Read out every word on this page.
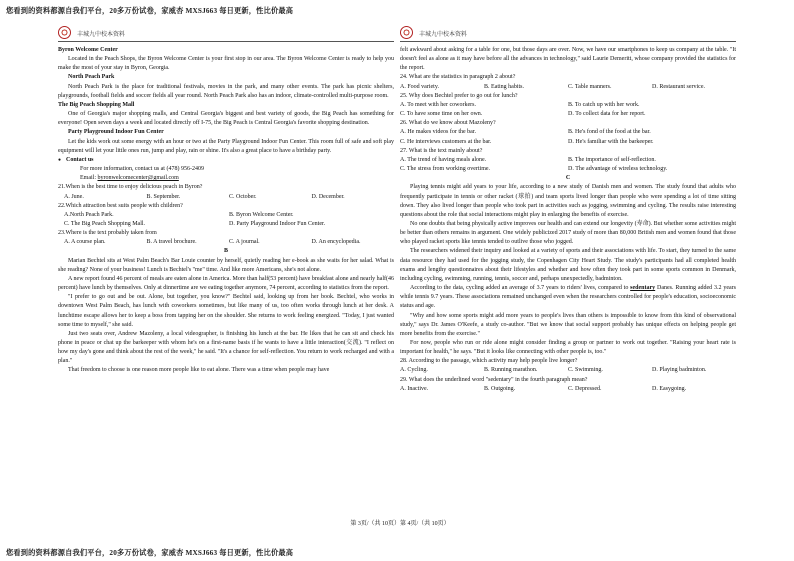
您看到的资料都源自我们平台，20多万份试卷，家威杏 MXSJ663 每日更新，性比价最高
丰城九中校本资料	丰城九中校本资料

Byron Welcome Center

Located in the Peach Shops, the Byron Welcome Center is your first stop in our area. The Byron Welcome Center is ready to help you make the most of your stay in Byron, Georgia.

North Peach Park

North Peach Park is the place for traditional festivals, movies in the park, and many other events. The park has picnic shelters, playgrounds, football fields and soccer fields all year round. North Peach Park also has an indoor, climate-controlled multi-purpose room.

The Big Peach Shopping Mall

One of Georgia's major shopping malls, and Central Georgia's biggest and best variety of goods, the Big Peach has something for everyone! Open seven days a week and located directly off I-75, the Big Peach is Central Georgia's favorite shopping destination.

Party Playground Indoor Fun Center

Let the kids work out some energy with an hour or two at the Party Playground Indoor Fun Center. This room full of safe and soft play equipment will let your little ones run, jump and play, rain or shine. It's also a great place to have a birthday party.

● Contact us

For more information, contact us at (478) 956-2409

Email: byronwelcomecenter@gmail.com

21.When is the best time to enjoy delicious peach in Byron?

A. June.	B. September.	C. October.	D. December.

22.Which attraction best suits people with children?

A.North Peach Park.	B. Byron Welcome Center.
C. The Big Peach Shopping Mall.	D. Party Playground Indoor Fun Center.

23.Where is the text probably taken from

A. A course plan.	B. A travel brochure.	C. A journal.	D. An encyclopedia.

B

Marian Bechtel sits at West Palm Beach's Bar Louie counter by herself, quietly reading her e-book as she waits for her salad. What is she reading? None of your business! Lunch is Bechtel's "me" time. And like more Americans, she's not alone.

A new report found 46 percent of meals are eaten alone in America. More than half(53 percent) have breakfast alone and nearly half(46 percent) have lunch by themselves. Only at dinnertime are we eating together anymore, 74 percent, according to statistics from the report.

"I prefer to go out and be out. Alone, but together, you know?" Bechtel said, looking up from her book. Bechtel, who works in downtown West Palm Beach, has lunch with coworkers sometimes, but like many of us, too often works through lunch at her desk. A lunchtime escape allows her to keep a boss from tapping her on the shoulder. She returns to work feeling energized. "Today, I just wanted some time to myself," she said.

Just two seats over, Andrew Mazoleny, a local videographer, is finishing his lunch at the bar. He likes that he can sit and check his phone in peace or chat up the barkeeper with whom he's on a first-name basis if he wants to have a little interaction(交流). "I reflect on how my day's gone and think about the rest of the week," he said. "It's a chance for self-reflection. You return to work recharged and with a plan."

That freedom to choose is one reason more people like to eat alone. There was a time when people may have

felt awkward about asking for a table for one, but those days are over. Now, we have our smartphones to keep us company at the table. "It doesn't feel as alone as it may have before all the advances in technology," said Laurie Demeritt, whose company provided the statistics for the report.

24. What are the statistics in paragraph 2 about?

A. Food variety.	B. Eating habits.	C. Table manners.	D. Restaurant service.

25. Why does Bechtel prefer to go out for lunch?

A. To meet with her coworkers.	B. To catch up with her work.
C. To have some time on her own.	D. To collect data for her report.

26. What do we know about Mazoleny?

A. He makes videos for the bar.	B. He's fond of the food at the bar.
C. He interviews customers at the bar.	D. He's familiar with the barkeeper.

27. What is the text mainly about?

A. The trend of having meals alone.	B. The importance of self-reflection.
C. The stress from working overtime.	D. The advantage of wireless technology.

C

Playing tennis might add years to your life, according to a new study of Danish men and women. The study found that adults who frequently participate in tennis or other racket (球拍) and team sports lived longer than people who were spending a lot of time sitting down. They also lived longer than people who took part in activities such as jogging, swimming and cycling. The results raise interesting questions about the role that social interactions might play in enlarging the benefits of exercise.

No one doubts that being physically active improves our health and can extend our longevity (寿命). But whether some activities might be better than others remains in argument. One widely publicized 2017 study of more than 80,000 British men and women found that those who played racket sports like tennis tended to outlive those who jogged.

The researchers widened their inquiry and looked at a variety of sports and their associations with life. To start, they turned to the same data resource they had used for the jogging study, the Copenhagen City Heart Study. The study's participants had all completed health exams and lengthy questionnaires about their lifestyles and whether and how often they took part in some sports common in Denmark, including cycling, swimming, running, tennis, soccer and, perhaps unexpectedly, badminton.

According to the data, cycling added an average of 3.7 years to riders' lives, compared to sedentary Danes. Running added 3.2 years while tennis 9.7 years. These associations remained unchanged even when the researchers controlled for people's education, socioeconomic status and age.

"Why and how some sports might add more years to people's lives than others is impossible to know from this kind of observational study," says Dr. James O'Keefe, a study co-author. "But we know that social support probably has unique effects on helping people get more benefits from the exercise."

For now, people who run or ride alone might consider finding a group or partner to work out together. "Raising your heart rate is important for health," he says. "But it looks like connecting with other people is, too."

28. According to the passage, which activity may help people live longer?

A. Cycling.	B. Running marathon.	C. Swimming.	D. Playing badminton.

29. What does the underlined word "sedentary" in the fourth paragraph mean?

A. Inactive.	B. Outgoing.	C. Depressed.	D. Easygoing.
第 3页/（共 10页）第 4页/（共 10页）
您看到的资料都源自我们平台，20多万份试卷，家威杏 MXSJ663 每日更新，性比价最高
